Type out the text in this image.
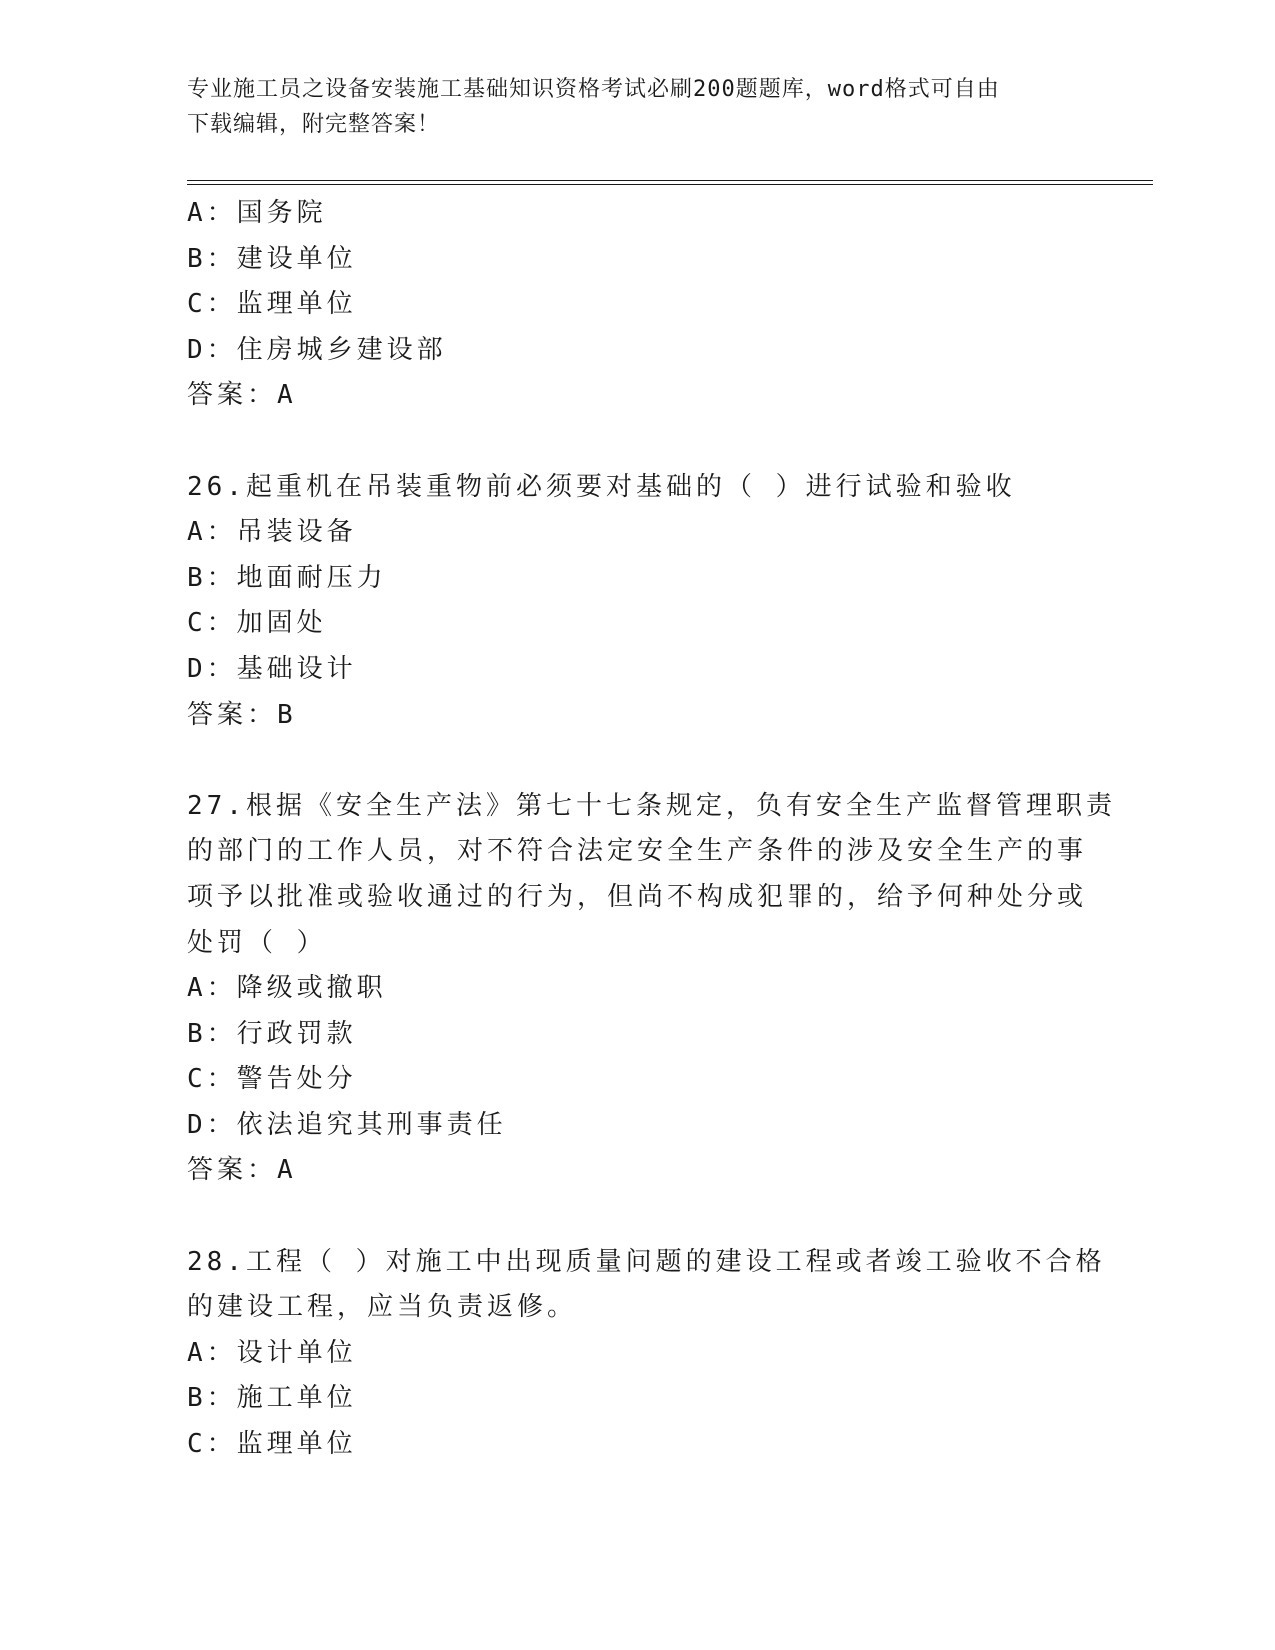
专业施工员之设备安装施工基础知识资格考试必刷200题题库，word格式可自由
下载编辑，附完整答案！
A：国务院
B：建设单位
C：监理单位
D：住房城乡建设部
答案：A
26.起重机在吊装重物前必须要对基础的（ ）进行试验和验收
A：吊装设备
B：地面耐压力
C：加固处
D：基础设计
答案：B
27.根据《安全生产法》第七十七条规定，负有安全生产监督管理职责
的部门的工作人员，对不符合法定安全生产条件的涉及安全生产的事
项予以批准或验收通过的行为，但尚不构成犯罪的，给予何种处分或
处罚（ ）
A：降级或撤职
B：行政罚款
C：警告处分
D：依法追究其刑事责任
答案：A
28.工程（ ）对施工中出现质量问题的建设工程或者竣工验收不合格
的建设工程，应当负责返修。
A：设计单位
B：施工单位
C：监理单位
